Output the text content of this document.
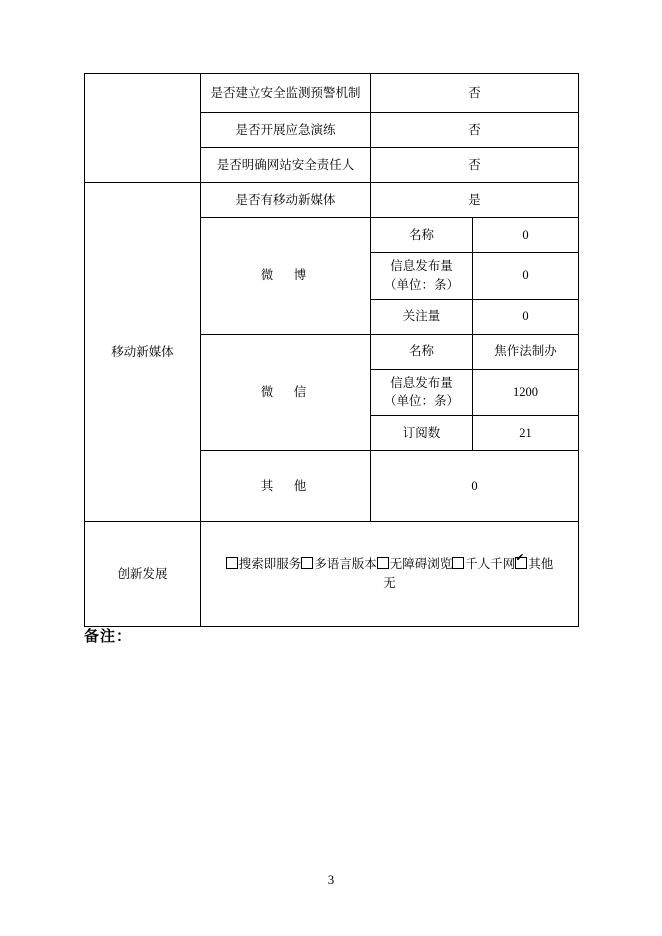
	是否建立安全监测预警机制	否	
	是否开展应急演练	否	
	是否明确网站安全责任人	否	
移动新媒体	是否有移动新媒体	是	
	微　博	名称	0
		信息发布量
（单位：条）	0
		关注量	0
	微　信	名称	焦作法制办
		信息发布量
（单位：条）	1200
		订阅数	21
	其　他	0	
创新发展	搜索即服务 多语言版本 无障碍浏览 千人千网 ✔ 其他
无
备注：
3
